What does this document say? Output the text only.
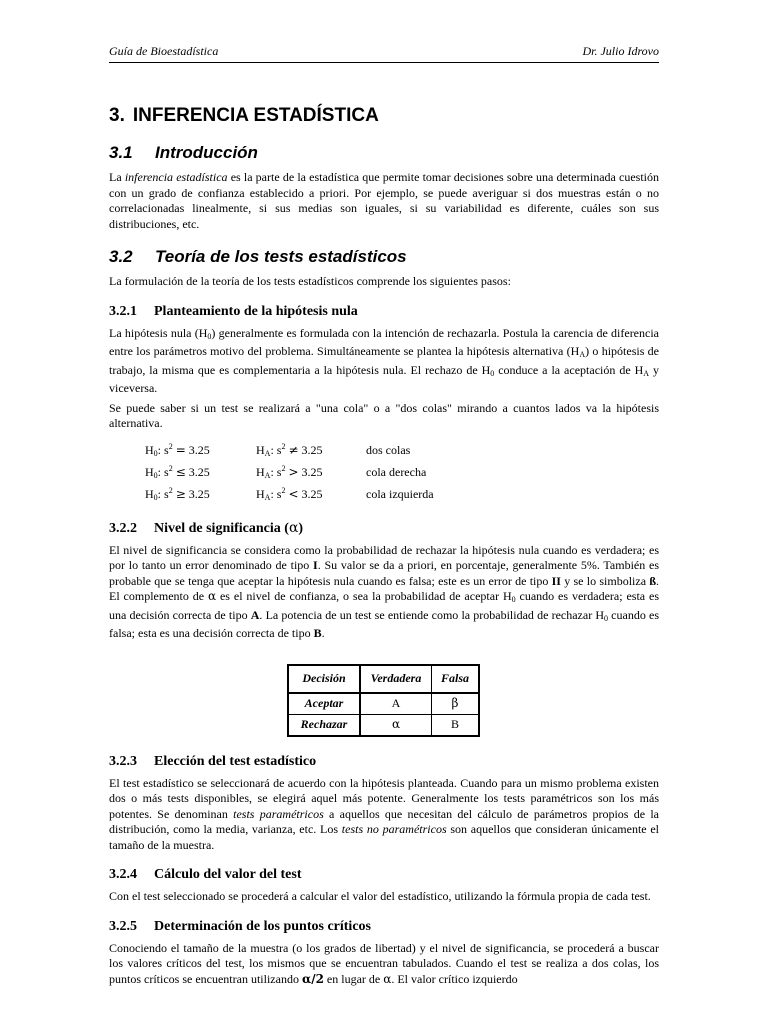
Guía de Bioestadística	Dr. Julio Idrovo
3. INFERENCIA ESTADÍSTICA
3.1 Introducción

La inferencia estadística es la parte de la estadística que permite tomar decisiones sobre una determinada cuestión con un grado de confianza establecido a priori. Por ejemplo, se puede averiguar si dos muestras están o no correlacionadas linealmente, si sus medias son iguales, si su variabilidad es diferente, cuáles son sus distribuciones, etc.

3.2 Teoría de los tests estadísticos

La formulación de la teoría de los tests estadísticos comprende los siguientes pasos:

3.2.1 Planteamiento de la hipótesis nula

La hipótesis nula $(H_0)$ generalmente es formulada con la intención de rechazarla. Postula la carencia de diferencia entre los parámetros motivo del problema. Simultáneamente se plantea la hipótesis alternativa $(H_A)$ o hipótesis de trabajo, la misma que es complementaria a la hipótesis nula. El rechazo de $H_0$ conduce a la aceptación de $H_A$ y viceversa.

Se puede saber si un test se realizará a "una cola" o a "dos colas" mirando a cuantos lados va la hipótesis alternativa.

$H_0$: $s^2 = 3.25$	$H_A$: $s^2 \ne 3.25$	dos colas
$H_0$: $s^2 \le 3.25$	$H_A$: $s^2 > 3.25$	cola derecha
$H_0$: $s^2 \ge 3.25$	$H_A$: $s^2 < 3.25$	cola izquierda
3.2.2 Nivel de significancia (α)

El nivel de significancia se considera como la probabilidad de rechazar la hipótesis nula cuando es verdadera; es por lo tanto un error denominado de tipo I. Su valor se da a priori, en porcentaje, generalmente 5%. También es probable que se tenga que aceptar la hipótesis nula cuando es falsa; este es un error de tipo II y se lo simboliza ß. El complemento de α es el nivel de confianza, o sea la probabilidad de aceptar $H_0$ cuando es verdadera; esta es una decisión correcta de tipo A. La potencia de un test se entiende como la probabilidad de rechazar $H_0$ cuando es falsa; esta es una decisión correcta de tipo B.

Decisión	Verdadera	Falsa
Aceptar	A	β
Rechazar	α	B
3.2.3 Elección del test estadístico

El test estadístico se seleccionará de acuerdo con la hipótesis planteada. Cuando para un mismo problema existen dos o más tests disponibles, se elegirá aquel más potente. Generalmente los tests paramétricos son los más potentes. Se denominan tests paramétricos a aquellos que necesitan del cálculo de parámetros propios de la distribución, como la media, varianza, etc. Los tests no paramétricos son aquellos que consideran únicamente el tamaño de la muestra.

3.2.4 Cálculo del valor del test

Con el test seleccionado se procederá a calcular el valor del estadístico, utilizando la fórmula propia de cada test.

3.2.5 Determinación de los puntos críticos

Conociendo el tamaño de la muestra (o los grados de libertad) y el nivel de significancia, se procederá a buscar los valores críticos del test, los mismos que se encuentran tabulados. Cuando el test se realiza a dos colas, los puntos críticos se encuentran utilizando α/2 en lugar de α. El valor crítico izquierdo
